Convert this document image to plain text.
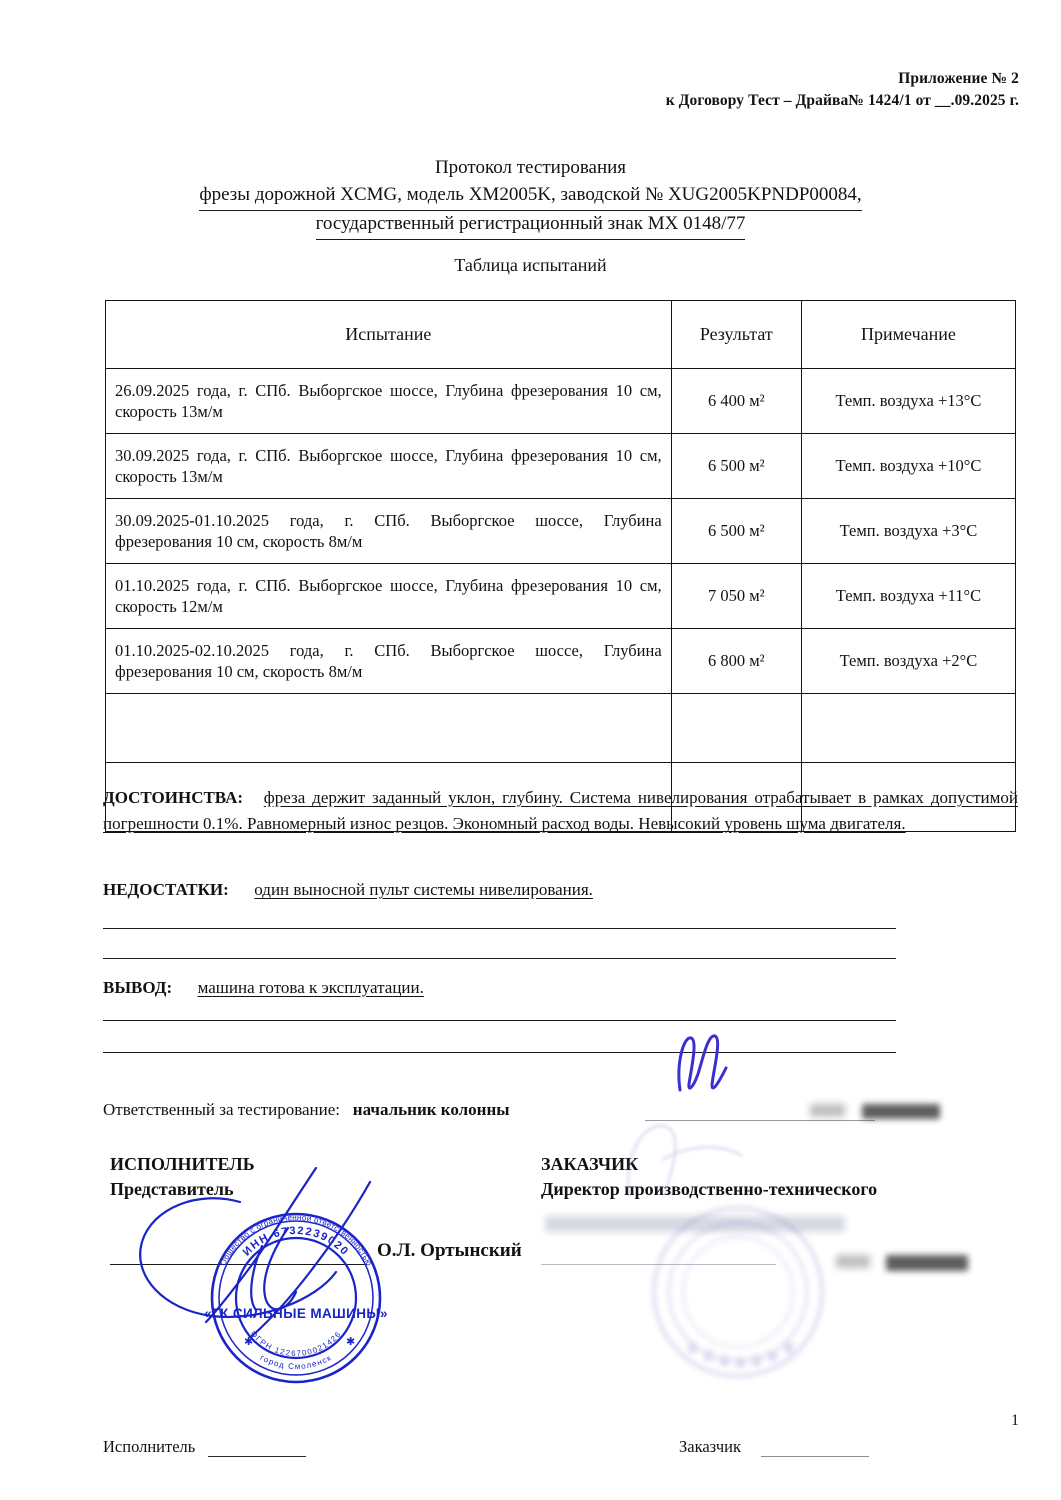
Приложение № 2
к Договору Тест – Драйва№ 1424/1 от __.09.2025 г.
Протокол тестирования
фрезы дорожной XCMG, модель XM2005K, заводской № XUG2005KPNDP00084,
государственный регистрационный знак МХ 0148/77
Таблица испытаний
Испытание	Результат	Примечание
26.09.2025 года, г. СПб. Выборгское шоссе, Глубина фрезерования 10 см, скорость 13м/м	6 400 м²	Темп. воздуха +13°С
30.09.2025 года, г. СПб. Выборгское шоссе, Глубина фрезерования 10 см, скорость 13м/м	6 500 м²	Темп. воздуха +10°С
30.09.2025-01.10.2025 года, г. СПб. Выборгское шоссе, Глубина фрезерования 10 см, скорость 8м/м	6 500 м²	Темп. воздуха +3°С
01.10.2025 года, г. СПб. Выборгское шоссе, Глубина фрезерования 10 см, скорость 12м/м	7 050 м²	Темп. воздуха +11°С
01.10.2025-02.10.2025 года, г. СПб. Выборгское шоссе, Глубина фрезерования 10 см, скорость 8м/м	6 800 м²	Темп. воздуха +2°С

ДОСТОИНСТВА: фреза держит заданный уклон, глубину. Система нивелирования отрабатывает в рамках допустимой погрешности 0.1%. Равномерный износ резцов. Экономный расход воды. Невысокий уровень шума двигателя.
НЕДОСТАТКИ: один выносной пульт системы нивелирования.
ВЫВОД: машина готова к эксплуатации.
Ответственный за тестирование: начальник колонны
ИСПОЛНИТЕЛЬ
Представитель
ЗАКАЗЧИК
Директор производственно-технического
О.Л. Ортынский
Общество с ограниченной ответственностью
ИНН 6732239020
ОГРН 1226700021426
город Смоленск
«ГК СИЛЬНЫЕ МАШИНЫ»
✱	✱
Исполнитель	Заказчик
1
